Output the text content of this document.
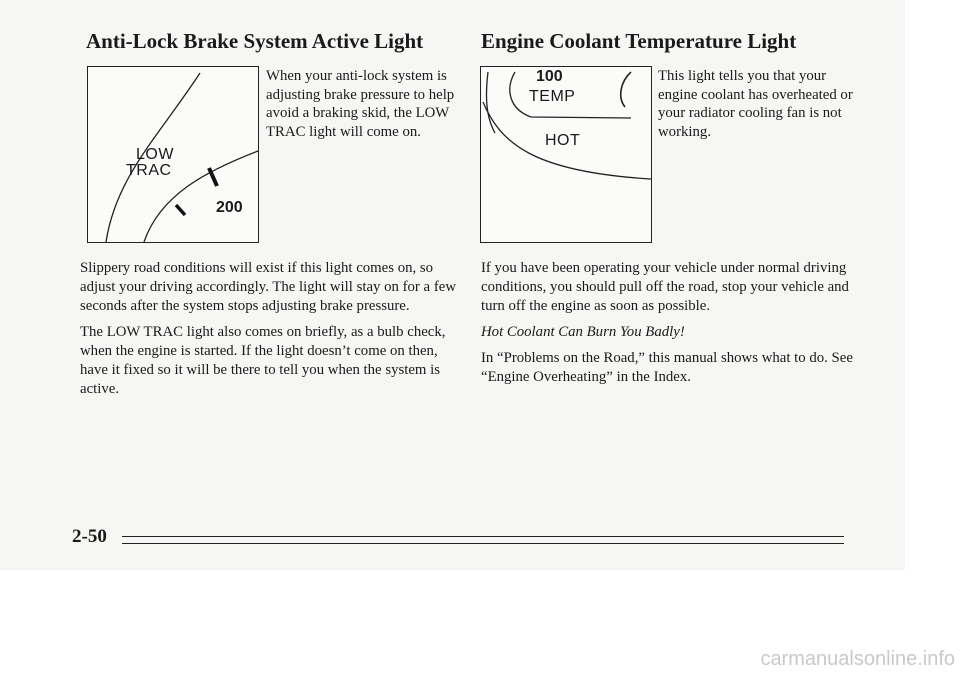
Anti-Lock Brake System Active Light
LOW
TRAC
200

When your anti-lock system is adjusting brake pressure to help avoid a braking skid, the LOW TRAC light will come on.

Slippery road conditions will exist if this light comes on, so adjust your driving accordingly. The light will stay on for a few seconds after the system stops adjusting brake pressure.

The LOW TRAC light also comes on briefly, as a bulb check, when the engine is started. If the light doesn’t come on then, have it fixed so it will be there to tell you when the system is active.

Engine Coolant Temperature Light
100
TEMP
HOT

This light tells you that your engine coolant has overheated or your radiator cooling fan is not working.

If you have been operating your vehicle under normal driving conditions, you should pull off the road, stop your vehicle and turn off the engine as soon as possible.

Hot Coolant Can Burn You Badly!

In “Problems on the Road,” this manual shows what to do. See “Engine Overheating” in the Index.

2-50

carmanualsonline.info
